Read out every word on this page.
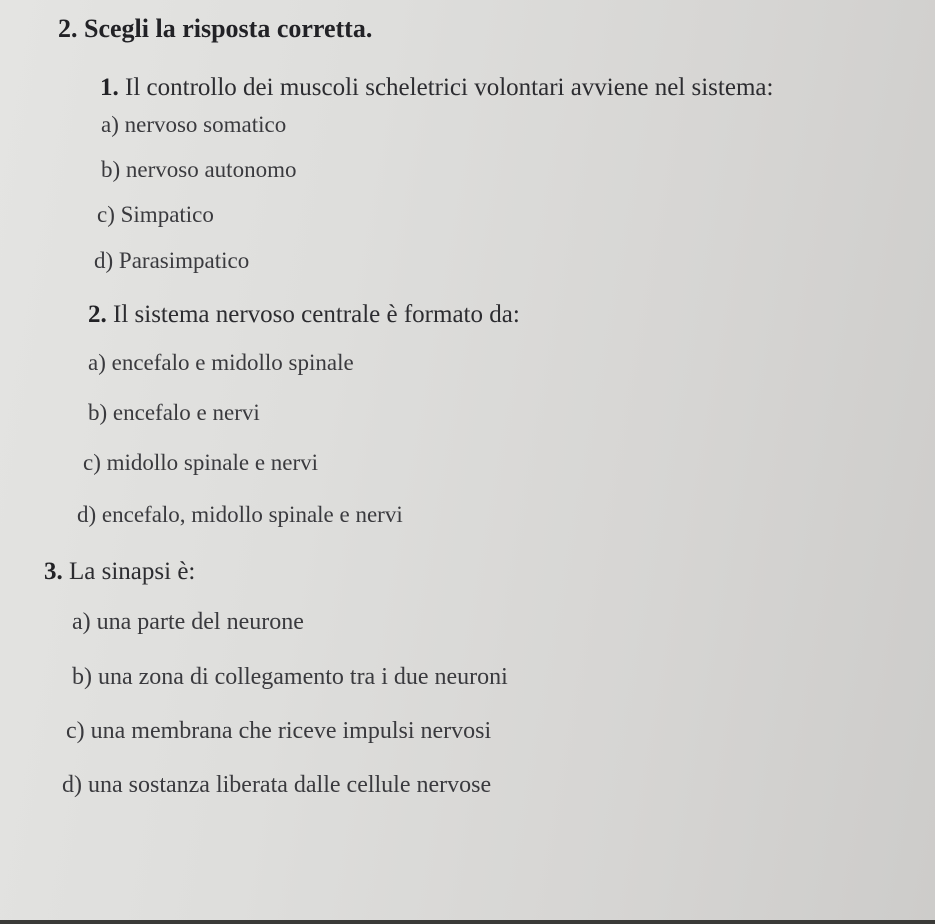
2. Scegli la risposta corretta.
1. Il controllo dei muscoli scheletrici volontari avviene nel sistema:
a) nervoso somatico
b) nervoso autonomo
c) Simpatico
d) Parasimpatico
2. Il sistema nervoso centrale è formato da:
a) encefalo e midollo spinale
b) encefalo e nervi
c) midollo spinale e nervi
d) encefalo, midollo spinale e nervi
3. La sinapsi è:
a) una parte del neurone
b) una zona di collegamento tra i due neuroni
c) una membrana che riceve impulsi nervosi
d) una sostanza liberata dalle cellule nervose
